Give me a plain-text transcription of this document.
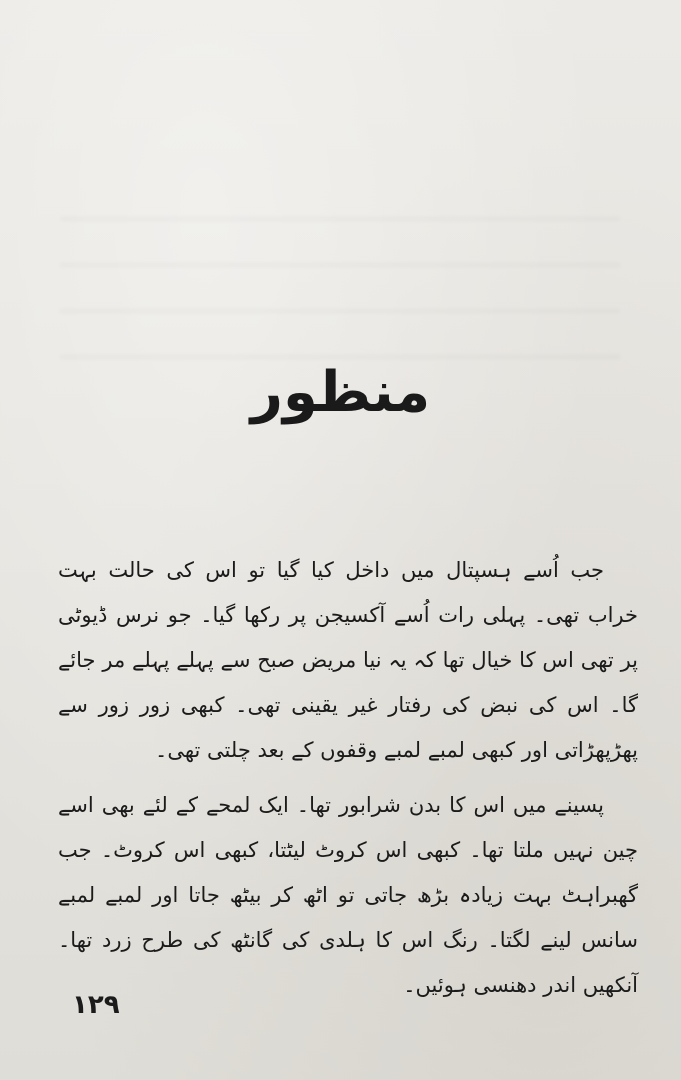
منظور

جب اُسے ہسپتال میں داخل کیا گیا تو اس کی حالت بہت خراب تھی۔ پہلی رات اُسے آکسیجن پر رکھا گیا۔ جو نرس ڈیوٹی پر تھی اس کا خیال تھا کہ یہ نیا مریض صبح سے پہلے پہلے مر جائے گا۔ اس کی نبض کی رفتار غیر یقینی تھی۔ کبھی زور زور سے پھڑپھڑاتی اور کبھی لمبے لمبے وقفوں کے بعد چلتی تھی۔

پسینے میں اس کا بدن شرابور تھا۔ ایک لمحے کے لئے بھی اسے چین نہیں ملتا تھا۔ کبھی اس کروٹ لیٹتا، کبھی اس کروٹ۔ جب گھبراہٹ بہت زیادہ بڑھ جاتی تو اٹھ کر بیٹھ جاتا اور لمبے لمبے سانس لینے لگتا۔ رنگ اس کا ہلدی کی گانٹھ کی طرح زرد تھا۔ آنکھیں اندر دھنسی ہوئیں۔

۱۲۹
